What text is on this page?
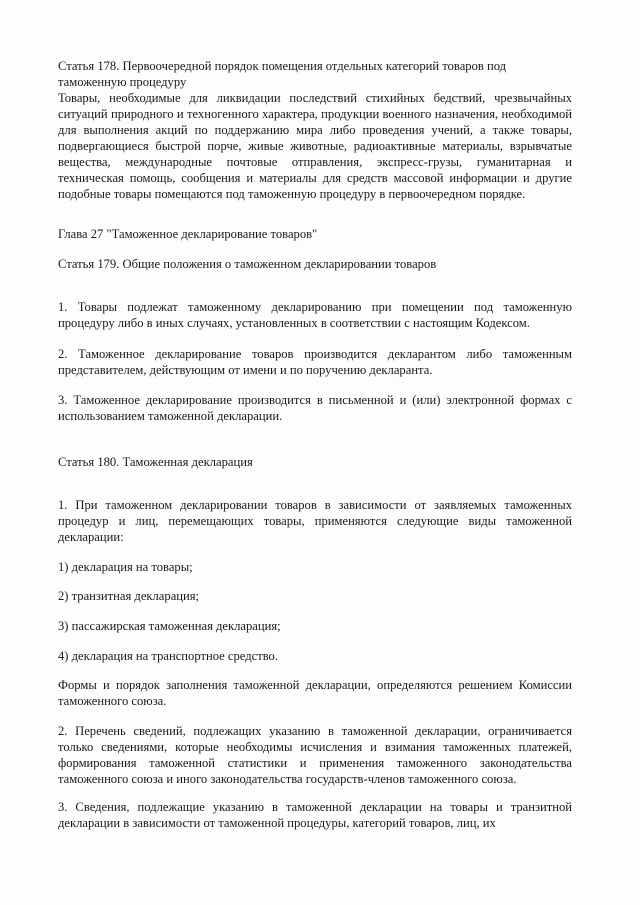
Статья 178. Первоочередной порядок помещения отдельных категорий товаров под таможенную процедуру

Товары, необходимые для ликвидации последствий стихийных бедствий, чрезвычайных ситуаций природного и техногенного характера, продукции военного назначения, необходимой для выполнения акций по поддержанию мира либо проведения учений, а также товары, подвергающиеся быстрой порче, живые животные, радиоактивные материалы, взрывчатые вещества, международные почтовые отправления, экспресс-грузы, гуманитарная и техническая помощь, сообщения и материалы для средств массовой информации и другие подобные товары помещаются под таможенную процедуру в первоочередном порядке.

Глава 27 "Таможенное декларирование товаров"

Статья 179. Общие положения о таможенном декларировании товаров

1. Товары подлежат таможенному декларированию при помещении под таможенную процедуру либо в иных случаях, установленных в соответствии с настоящим Кодексом.

2. Таможенное декларирование товаров производится декларантом либо таможенным представителем, действующим от имени и по поручению декларанта.

3. Таможенное декларирование производится в письменной и (или) электронной формах с использованием таможенной декларации.

Статья 180. Таможенная декларация

1. При таможенном декларировании товаров в зависимости от заявляемых таможенных процедур и лиц, перемещающих товары, применяются следующие виды таможенной декларации:

1) декларация на товары;

2) транзитная декларация;

3) пассажирская таможенная декларация;

4) декларация на транспортное средство.

Формы и порядок заполнения таможенной декларации, определяются решением Комиссии таможенного союза.

2. Перечень сведений, подлежащих указанию в таможенной декларации, ограничивается только сведениями, которые необходимы исчисления и взимания таможенных платежей, формирования таможенной статистики и применения таможенного законодательства таможенного союза и иного законодательства государств-членов таможенного союза.

3. Сведения, подлежащие указанию в таможенной декларации на товары и транзитной декларации в зависимости от таможенной процедуры, категорий товаров, лиц, их
